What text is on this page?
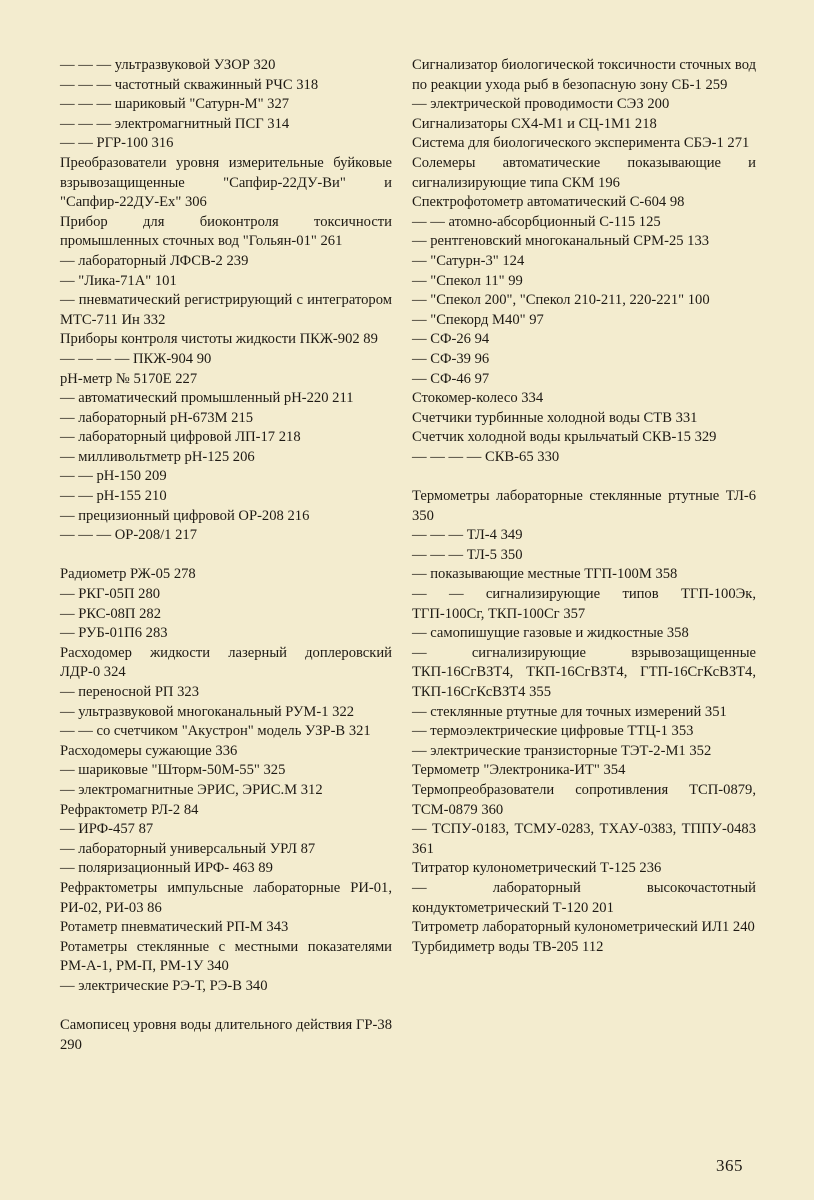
— — — ультразвуковой УЗОР 320
— — — частотный скважинный РЧС 318
— — — шариковый "Сатурн-М" 327
— — — электромагнитный ПСГ 314
— — РГР-100 316
Преобразователи уровня измерительные буйковые взрывозащищенные "Сапфир-22ДУ-Ви" и "Сапфир-22ДУ-Ех" 306
Прибор для биоконтроля токсичности промышленных сточных вод "Гольян-01" 261
— лабораторный ЛФСВ-2 239
— "Лика-71А" 101
— пневматический регистрирующий с интегратором МТС-711 Ин 332
Приборы контроля чистоты жидкости ПКЖ-902 89
— — — — ПКЖ-904 90
pH-метр № 5170Е 227
— автоматический промышленный pH-220 211
— лабораторный pH-673М 215
— лабораторный цифровой ЛП-17 218
— милливольтметр pH-125 206
— — pH-150 209
— — pH-155 210
— прецизионный цифровой ОР-208 216
— — — ОР-208/1 217
Радиометр РЖ-05 278
— РКГ-05П 280
— РКС-08П 282
— РУБ-01П6 283
Расходомер жидкости лазерный доплеровский ЛДР-0 324
— переносной РП 323
— ультразвуковой многоканальный РУМ-1 322
— — со счетчиком "Акустрон" модель УЗР-В 321
Расходомеры сужающие 336
— шариковые "Шторм-50М-55" 325
— электромагнитные ЭРИС, ЭРИС.М 312
Рефрактометр РЛ-2 84
— ИРФ-457 87
— лабораторный универсальный УРЛ 87
— поляризационный ИРФ- 463 89
Рефрактометры импульсные лабораторные РИ-01, РИ-02, РИ-03 86
Ротаметр пневматический РП-М 343
Ротаметры стеклянные с местными показателями РМ-А-1, РМ-П, РМ-1У 340
— электрические РЭ-Т, РЭ-В 340
Самописец уровня воды длительного действия ГР-38 290
Сигнализатор биологической токсичности сточных вод по реакции ухода рыб в безопасную зону СБ-1 259
— электрической проводимости СЭЗ 200
Сигнализаторы СХ4-М1 и СЦ-1М1 218
Система для биологического эксперимента СБЭ-1 271
Солемеры автоматические показывающие и сигнализирующие типа СКМ 196
Спектрофотометр автоматический С-604 98
— — атомно-абсорбционный С-115 125
— рентгеновский многоканальный СРМ-25 133
— "Сатурн-3" 124
— "Спекол 11" 99
— "Спекол 200", "Спекол 210-211, 220-221" 100
— "Спекорд М40" 97
— СФ-26 94
— СФ-39 96
— СФ-46 97
Стокомер-колесо 334
Счетчики турбинные холодной воды СТВ 331
Счетчик холодной воды крыльчатый СКВ-15 329
— — — — СКВ-65 330
Термометры лабораторные стеклянные ртутные ТЛ-6 350
— — — ТЛ-4 349
— — — ТЛ-5 350
— показывающие местные ТГП-100М 358
— — сигнализирующие типов ТГП-100Эк, ТГП-100Сг, ТКП-100Сг 357
— самопишущие газовые и жидкостные 358
— сигнализирующие взрывозащищенные ТКП-16СгВЗТ4, ТКП-16СгВЗТ4, ГТП-16СгКсВЗТ4, ТКП-16СгКсВЗТ4 355
— стеклянные ртутные для точных измерений 351
— термоэлектрические цифровые ТТЦ-1 353
— электрические транзисторные ТЭТ-2-М1 352
Термометр "Электроника-ИТ" 354
Термопреобразователи сопротивления ТСП-0879, ТСМ-0879 360
— ТСПУ-0183, ТСМУ-0283, ТХАУ-0383, ТППУ-0483 361
Титратор кулонометрический Т-125 236
— лабораторный высокочастотный кондуктометрический Т-120 201
Титрометр лабораторный кулонометрический ИЛ1 240
Турбидиметр воды ТВ-205 112
365
